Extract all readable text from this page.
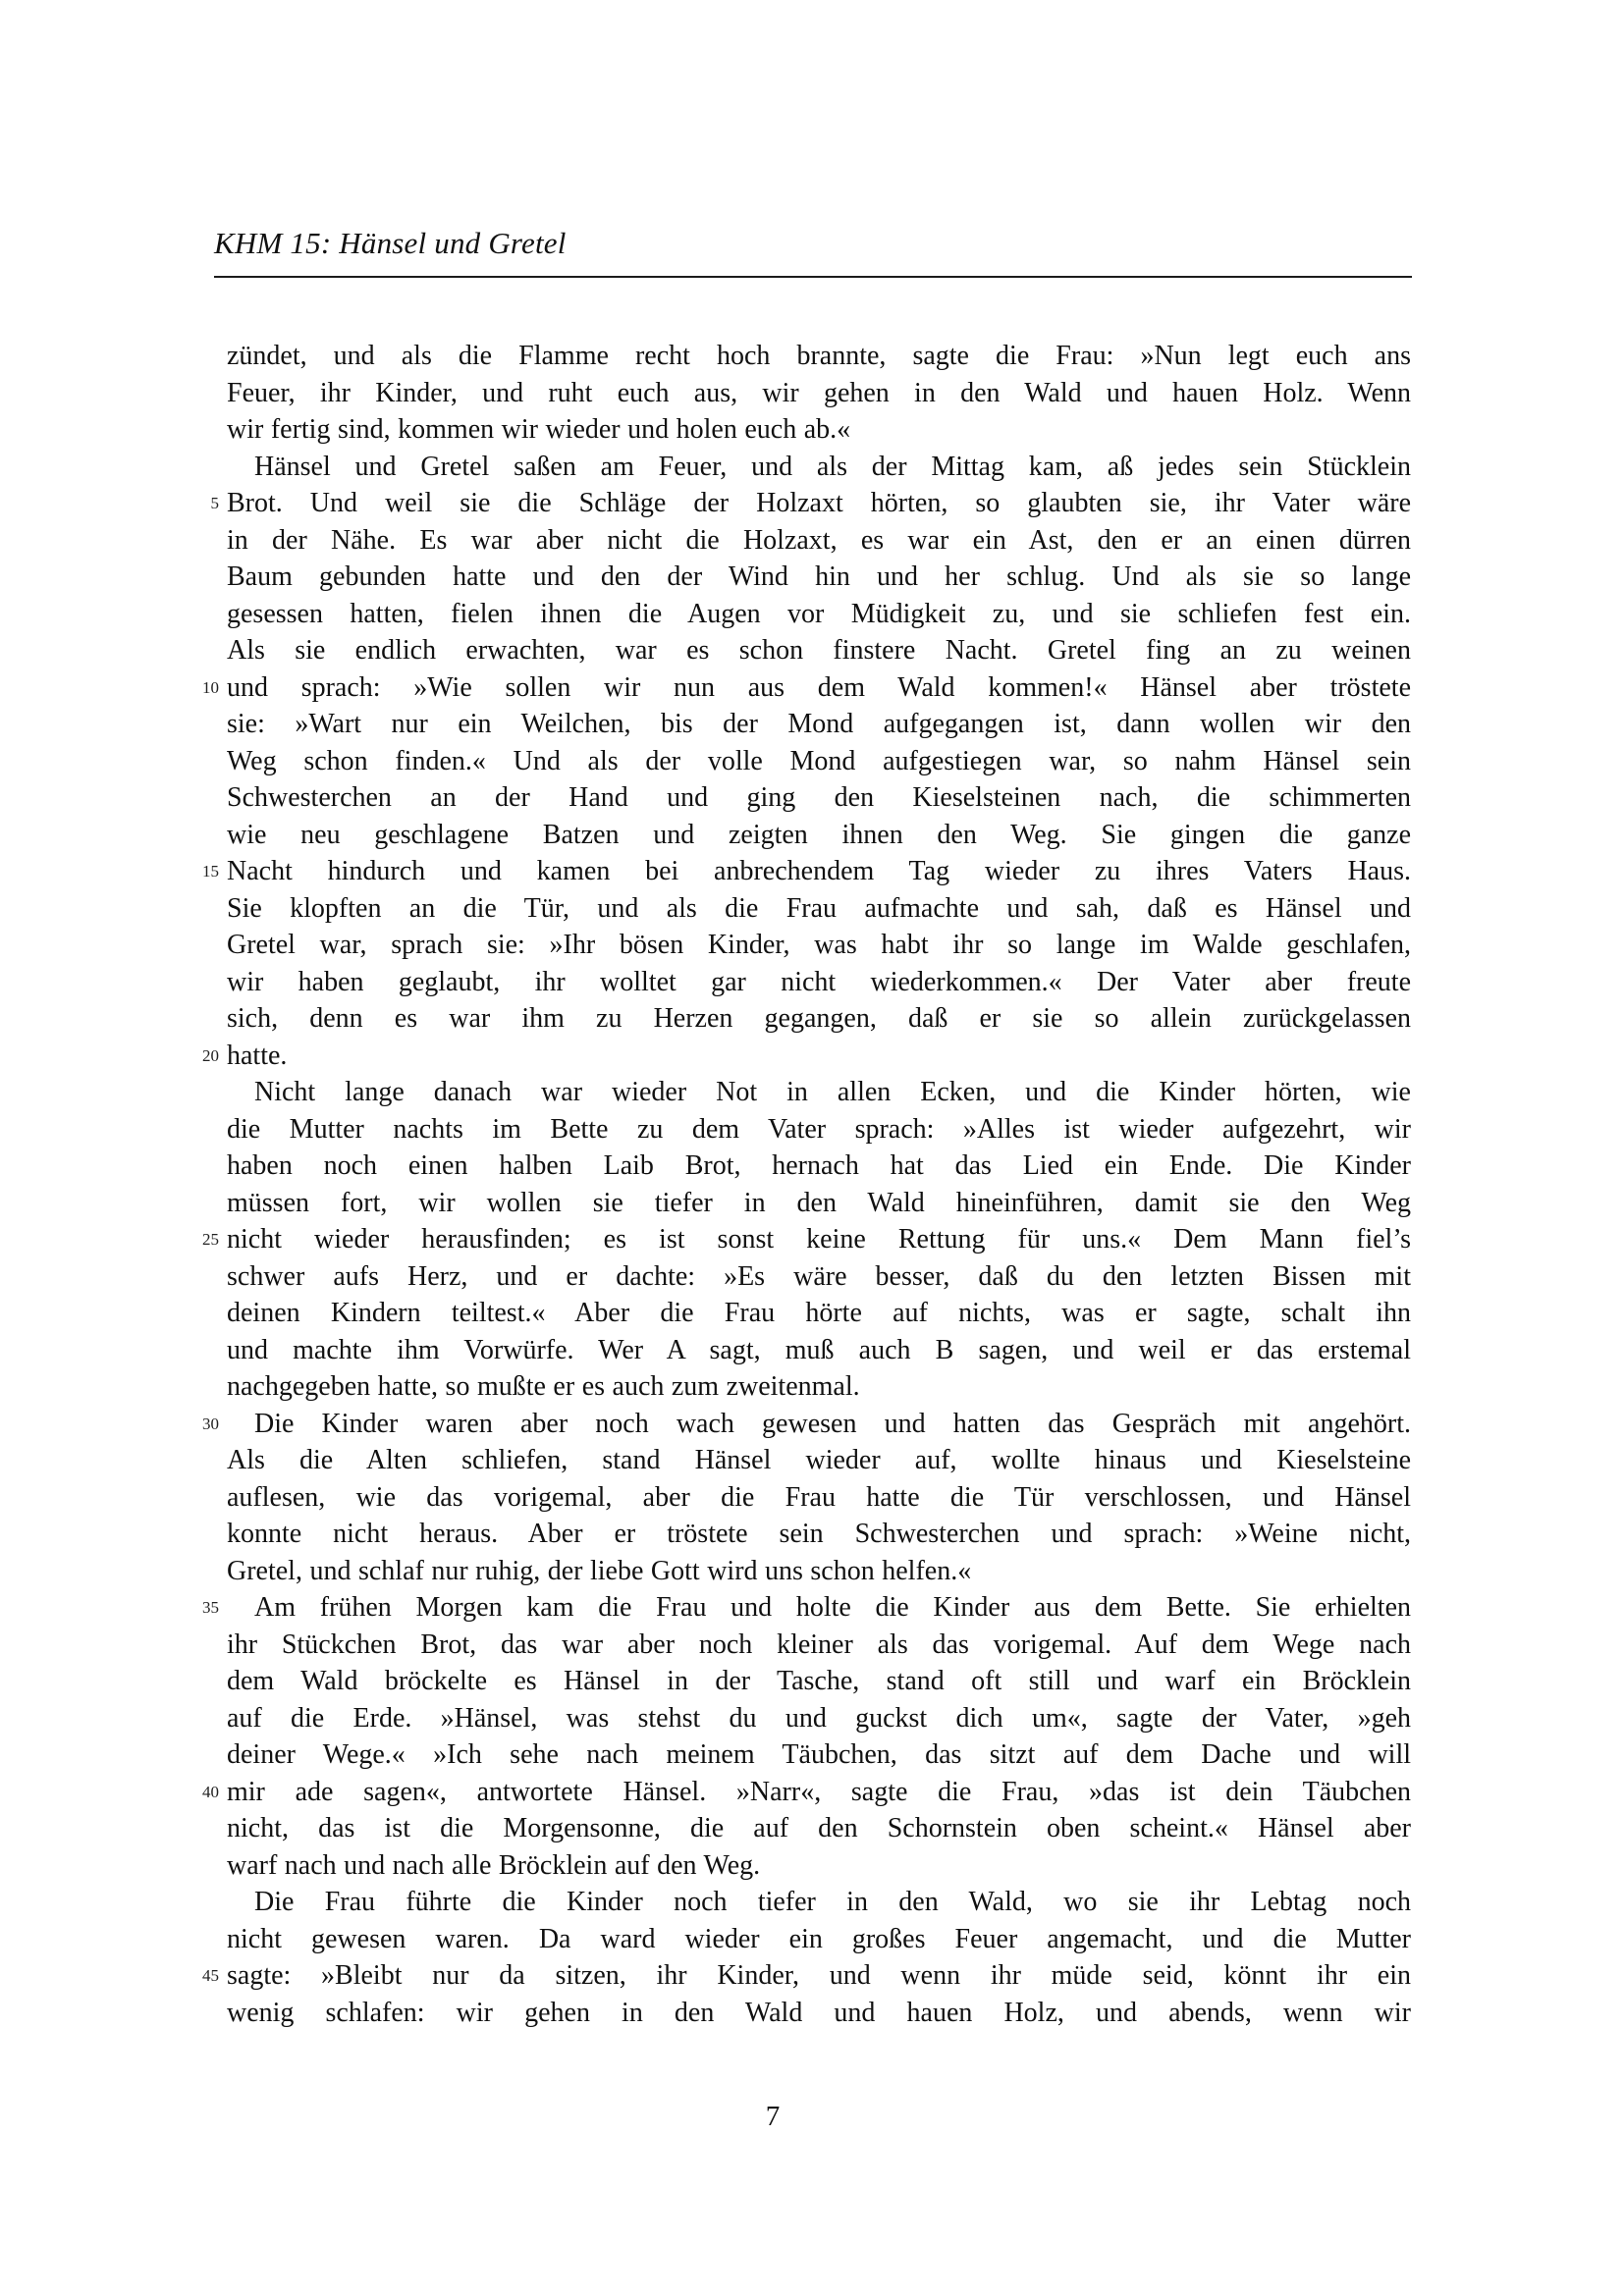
KHM 15: Hänsel und Gretel
zündet, und als die Flamme recht hoch brannte, sagte die Frau: »Nun legt euch ans
Feuer, ihr Kinder, und ruht euch aus, wir gehen in den Wald und hauen Holz. Wenn
wir fertig sind, kommen wir wieder und holen euch ab.«
Hänsel und Gretel saßen am Feuer, und als der Mittag kam, aß jedes sein Stücklein
5 Brot. Und weil sie die Schläge der Holzaxt hörten, so glaubten sie, ihr Vater wäre
in der Nähe. Es war aber nicht die Holzaxt, es war ein Ast, den er an einen dürren
Baum gebunden hatte und den der Wind hin und her schlug. Und als sie so lange
gesessen hatten, fielen ihnen die Augen vor Müdigkeit zu, und sie schliefen fest ein.
Als sie endlich erwachten, war es schon finstere Nacht. Gretel fing an zu weinen
10 und sprach: »Wie sollen wir nun aus dem Wald kommen!« Hänsel aber tröstete
sie: »Wart nur ein Weilchen, bis der Mond aufgegangen ist, dann wollen wir den
Weg schon finden.« Und als der volle Mond aufgestiegen war, so nahm Hänsel sein
Schwesterchen an der Hand und ging den Kieselsteinen nach, die schimmerten
wie neu geschlagene Batzen und zeigten ihnen den Weg. Sie gingen die ganze
15 Nacht hindurch und kamen bei anbrechendem Tag wieder zu ihres Vaters Haus.
Sie klopften an die Tür, und als die Frau aufmachte und sah, daß es Hänsel und
Gretel war, sprach sie: »Ihr bösen Kinder, was habt ihr so lange im Walde geschlafen,
wir haben geglaubt, ihr wolltet gar nicht wiederkommen.« Der Vater aber freute
sich, denn es war ihm zu Herzen gegangen, daß er sie so allein zurückgelassen
20 hatte.
Nicht lange danach war wieder Not in allen Ecken, und die Kinder hörten, wie
die Mutter nachts im Bette zu dem Vater sprach: »Alles ist wieder aufgezehrt, wir
haben noch einen halben Laib Brot, hernach hat das Lied ein Ende. Die Kinder
müssen fort, wir wollen sie tiefer in den Wald hineinführen, damit sie den Weg
25 nicht wieder herausfinden; es ist sonst keine Rettung für uns.« Dem Mann fiel’s
schwer aufs Herz, und er dachte: »Es wäre besser, daß du den letzten Bissen mit
deinen Kindern teiltest.« Aber die Frau hörte auf nichts, was er sagte, schalt ihn
und machte ihm Vorwürfe. Wer A sagt, muß auch B sagen, und weil er das erstemal
nachgegeben hatte, so mußte er es auch zum zweitenmal.
30	Die Kinder waren aber noch wach gewesen und hatten das Gespräch mit angehört.
Als die Alten schliefen, stand Hänsel wieder auf, wollte hinaus und Kieselsteine
auflesen, wie das vorigemal, aber die Frau hatte die Tür verschlossen, und Hänsel
konnte nicht heraus. Aber er tröstete sein Schwesterchen und sprach: »Weine nicht,
Gretel, und schlaf nur ruhig, der liebe Gott wird uns schon helfen.«
35	Am frühen Morgen kam die Frau und holte die Kinder aus dem Bette. Sie erhielten
ihr Stückchen Brot, das war aber noch kleiner als das vorigemal. Auf dem Wege nach
dem Wald bröckelte es Hänsel in der Tasche, stand oft still und warf ein Bröcklein
auf die Erde. »Hänsel, was stehst du und guckst dich um«, sagte der Vater, »geh
deiner Wege.« »Ich sehe nach meinem Täubchen, das sitzt auf dem Dache und will
40 mir ade sagen«, antwortete Hänsel. »Narr«, sagte die Frau, »das ist dein Täubchen
nicht, das ist die Morgensonne, die auf den Schornstein oben scheint.« Hänsel aber
warf nach und nach alle Bröcklein auf den Weg.
Die Frau führte die Kinder noch tiefer in den Wald, wo sie ihr Lebtag noch
nicht gewesen waren. Da ward wieder ein großes Feuer angemacht, und die Mutter
45 sagte: »Bleibt nur da sitzen, ihr Kinder, und wenn ihr müde seid, könnt ihr ein
wenig schlafen: wir gehen in den Wald und hauen Holz, und abends, wenn wir
7
